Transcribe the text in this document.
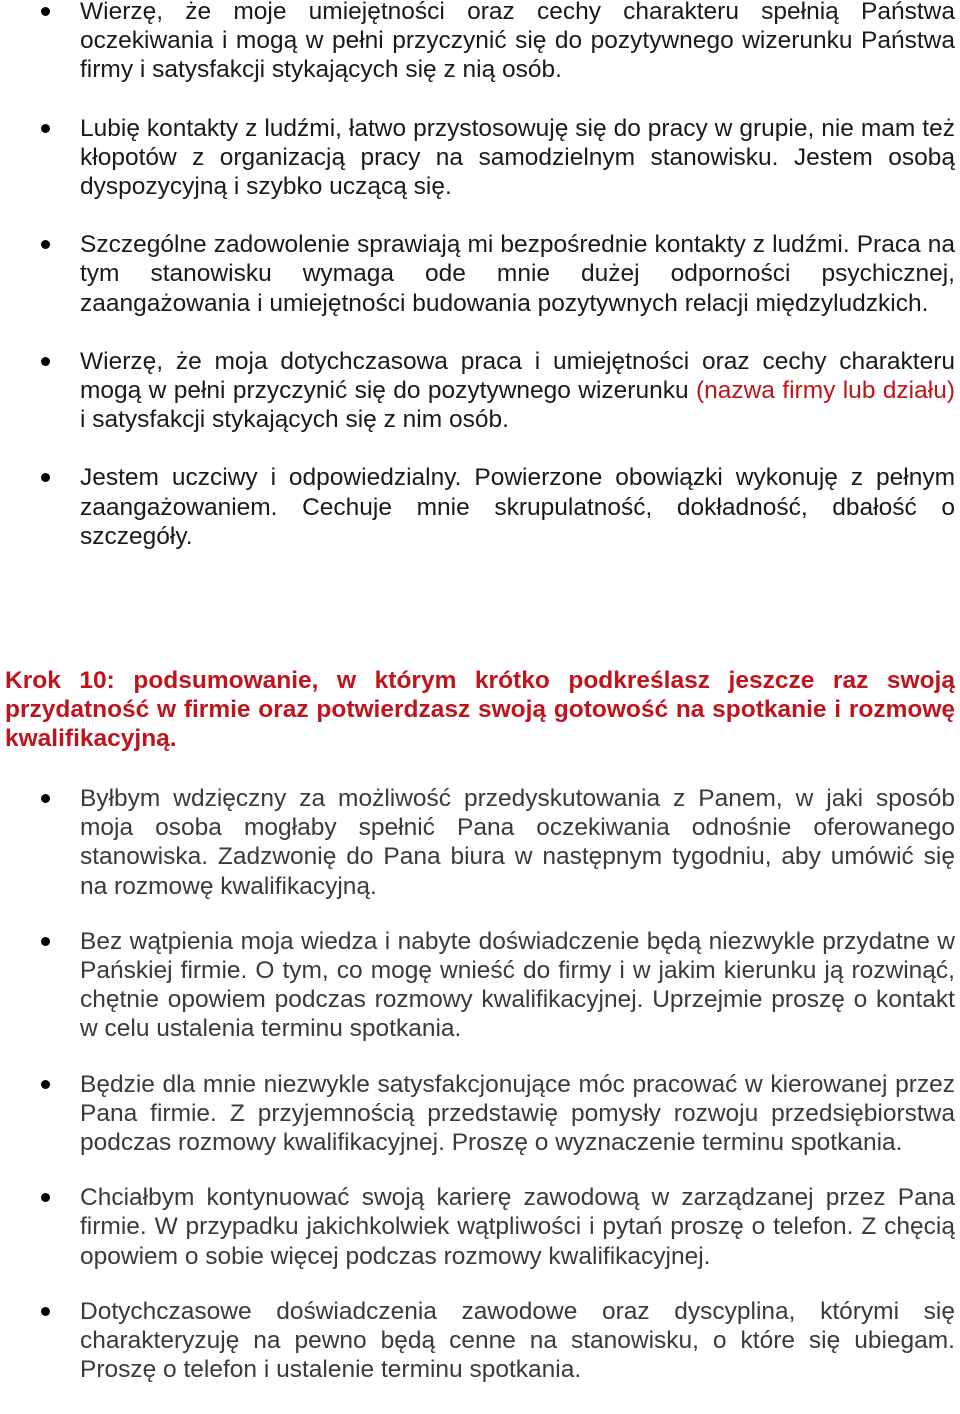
Wierzę, że moje umiejętności oraz cechy charakteru spełnią Państwa oczekiwania i mogą w pełni przyczynić się do pozytywnego wizerunku Państwa firmy i satysfakcji stykających się z nią osób.
Lubię kontakty z ludźmi, łatwo przystosowuję się do pracy w grupie, nie mam też kłopotów z organizacją pracy na samodzielnym stanowisku. Jestem osobą dyspozycyjną i szybko uczącą się.
Szczególne zadowolenie sprawiają mi bezpośrednie kontakty z ludźmi. Praca na tym stanowisku wymaga ode mnie dużej odporności psychicznej, zaangażowania i umiejętności budowania pozytywnych relacji międzyludzkich.
Wierzę, że moja dotychczasowa praca i umiejętności oraz cechy charakteru mogą w pełni przyczynić się do pozytywnego wizerunku (nazwa firmy lub działu) i satysfakcji stykających się z nim osób.
Jestem uczciwy i odpowiedzialny. Powierzone obowiązki wykonuję z pełnym zaangażowaniem. Cechuje mnie skrupulatność, dokładność, dbałość o szczegóły.
Krok 10: podsumowanie, w którym krótko podkreślasz jeszcze raz swoją przydatność w firmie oraz potwierdzasz swoją gotowość na spotkanie i rozmowę kwalifikacyjną.
Byłbym wdzięczny za możliwość przedyskutowania z Panem, w jaki sposób moja osoba mogłaby spełnić Pana oczekiwania odnośnie oferowanego stanowiska. Zadzwonię do Pana biura w następnym tygodniu, aby umówić się na rozmowę kwalifikacyjną.
Bez wątpienia moja wiedza i nabyte doświadczenie będą niezwykle przydatne w Pańskiej firmie. O tym, co mogę wnieść do firmy i w jakim kierunku ją rozwinąć, chętnie opowiem podczas rozmowy kwalifikacyjnej. Uprzejmie proszę o kontakt w celu ustalenia terminu spotkania.
Będzie dla mnie niezwykle satysfakcjonujące móc pracować w kierowanej przez Pana firmie. Z przyjemnością przedstawię pomysły rozwoju przedsiębiorstwa podczas rozmowy kwalifikacyjnej. Proszę o wyznaczenie terminu spotkania.
Chciałbym kontynuować swoją karierę zawodową w zarządzanej przez Pana firmie. W przypadku jakichkolwiek wątpliwości i pytań proszę o telefon. Z chęcią opowiem o sobie więcej podczas rozmowy kwalifikacyjnej.
Dotychczasowe doświadczenia zawodowe oraz dyscyplina, którymi się charakteryzuję na pewno będą cenne na stanowisku, o które się ubiegam. Proszę o telefon i ustalenie terminu spotkania.
